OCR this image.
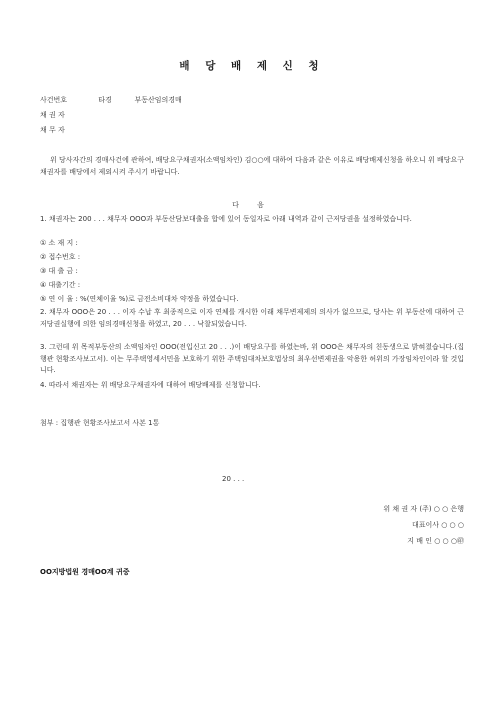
배 당 배 제 신 청
사건번호	타경	부동산임의경매
채 권 자
채 무 자
위 당사자간의 경매사건에 관하여, 배당요구채권자(소액임차인) 김○○에 대하여 다음과 같은 이유로 배당배제신청을 하오니 위 배당요구채권자를 배당에서 제외시켜 주시기 바랍니다.
다 음
1. 채권자는 200 . . . 채무자 OOO과 부동산담보대출을 합에 있어 동일자로 아래 내역과 같이 근저당권을 설정하였습니다.
① 소 재 지 :
② 접수번호 :
③ 대 출 금 :
④ 대출기간 :
⑤ 연 이 율 : %(연체이율 %)로 금전소비대차 약정을 하였습니다.
2. 채무자 OOO은 20 . . . 이자 수납 후 최종적으로 이자 연체를 개시한 이래 채무변제제의 의사가 없으므로, 당사는 위 부동산에 대하여 근저당권실행에 의한 임의경매신청을 하였고, 20 . . . 낙찰되었습니다.
3. 그런데 위 목적부동산의 소액임차인 OOO(전입신고 20 . . .)이 배당요구를 하였는바, 위 OOO은 채무자의 친동생으로 밝혀졌습니다.(집행관 현황조사보고서). 이는 무주택영세서민을 보호하기 위한 주택임대차보호법상의 최우선변제권을 악용한 허위의 가장임차인이라 할 것입니다.
4. 따라서 채권자는 위 배당요구채권자에 대하여 배당배제를 신청합니다.
첨부 : 집행관 현황조사보고서 사본 1통
20 . . .
위 채 권 자 (주) ○ ○ 은행
대표이사 ○ ○ ○
지 배 인 ○ ○ ○㊞
OO지방법원 경매OO계 귀중
